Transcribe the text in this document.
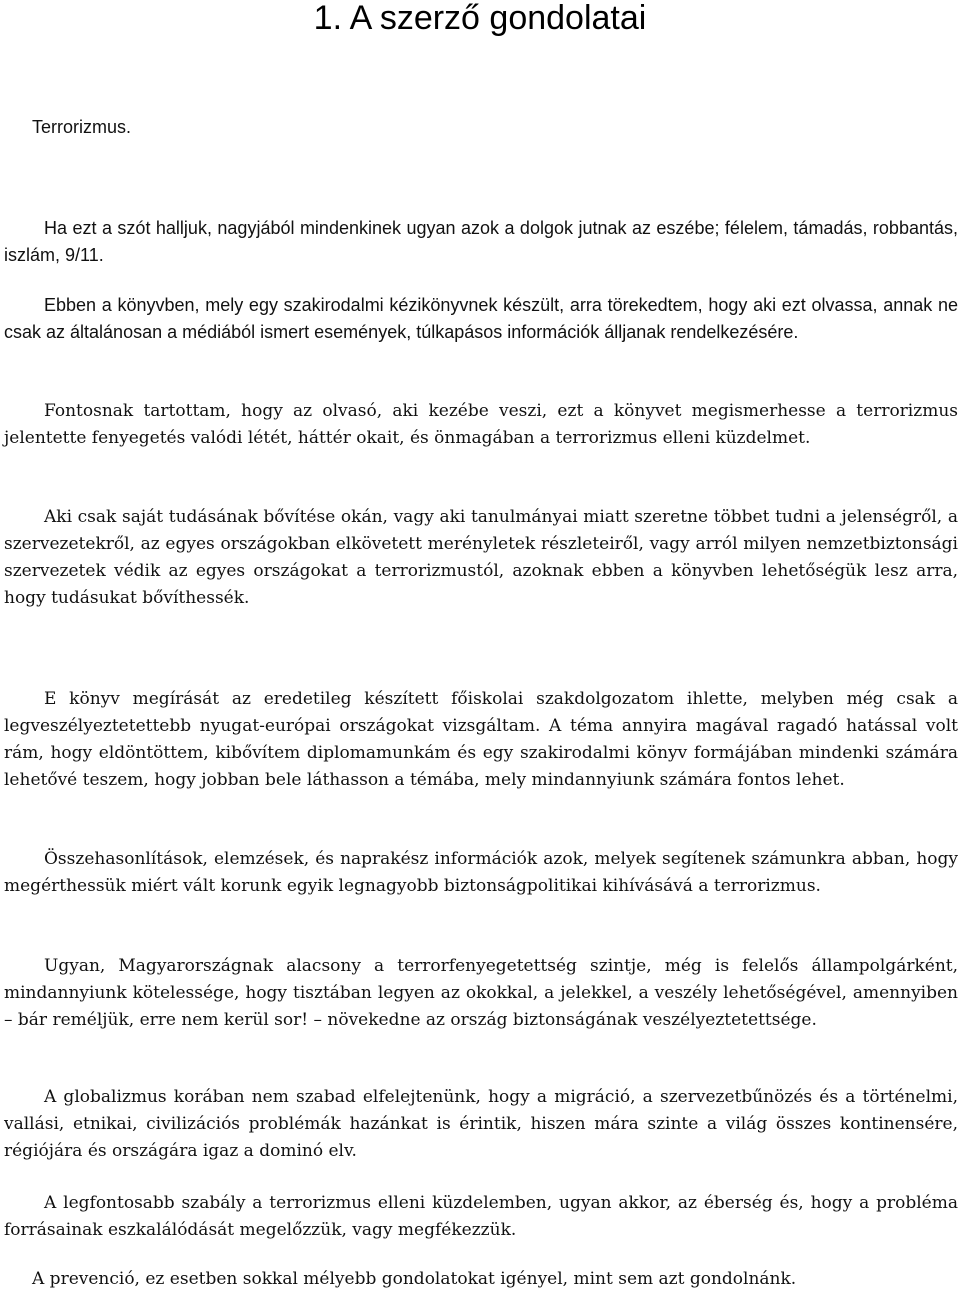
1. A szerző gondolatai

Terrorizmus.

Ha ezt a szót halljuk, nagyjából mindenkinek ugyan azok a dolgok jutnak az eszébe; félelem, támadás, robbantás, iszlám, 9/11.

Ebben a könyvben, mely egy szakirodalmi kézikönyvnek készült, arra törekedtem, hogy aki ezt olvassa, annak ne csak az általánosan a médiából ismert események, túlkapásos információk álljanak rendelkezésére.

Fontosnak tartottam, hogy az olvasó, aki kezébe veszi, ezt a könyvet megismerhesse a terrorizmus jelentette fenyegetés valódi létét, háttér okait, és önmagában a terrorizmus elleni küzdelmet.

Aki csak saját tudásának bővítése okán, vagy aki tanulmányai miatt szeretne többet tudni a jelenségről, a szervezetekről, az egyes országokban elkövetett merényletek részleteiről, vagy arról milyen nemzetbiztonsági szervezetek védik az egyes országokat a terrorizmustól, azoknak ebben a könyvben lehetőségük lesz arra, hogy tudásukat bővíthessék.

E könyv megírását az eredetileg készített főiskolai szakdolgozatom ihlette, melyben még csak a legveszélyeztetettebb nyugat-európai országokat vizsgáltam. A téma annyira magával ragadó hatással volt rám, hogy eldöntöttem, kibővítem diplomamunkám és egy szakirodalmi könyv formájában mindenki számára lehetővé teszem, hogy jobban bele láthasson a témába, mely mindannyiunk számára fontos lehet.

Összehasonlítások, elemzések, és naprakész információk azok, melyek segítenek számunkra abban, hogy megérthessük miért vált korunk egyik legnagyobb biztonságpolitikai kihívásává a terrorizmus.

Ugyan, Magyarországnak alacsony a terrorfenyegetettség szintje, még is felelős állampolgárként, mindannyiunk kötelessége, hogy tisztában legyen az okokkal, a jelekkel, a veszély lehetőségével, amennyiben – bár reméljük, erre nem kerül sor! – növekedne az ország biztonságának veszélyeztetettsége.

A globalizmus korában nem szabad elfelejtenünk, hogy a migráció, a szervezetbűnözés és a történelmi, vallási, etnikai, civilizációs problémák hazánkat is érintik, hiszen mára szinte a világ összes kontinensére, régiójára és országára igaz a dominó elv.

A legfontosabb szabály a terrorizmus elleni küzdelemben, ugyan akkor, az éberség és, hogy a probléma forrásainak eszkalálódását megelőzzük, vagy megfékezzük.

A prevenció, ez esetben sokkal mélyebb gondolatokat igényel, mint sem azt gondolnánk.
